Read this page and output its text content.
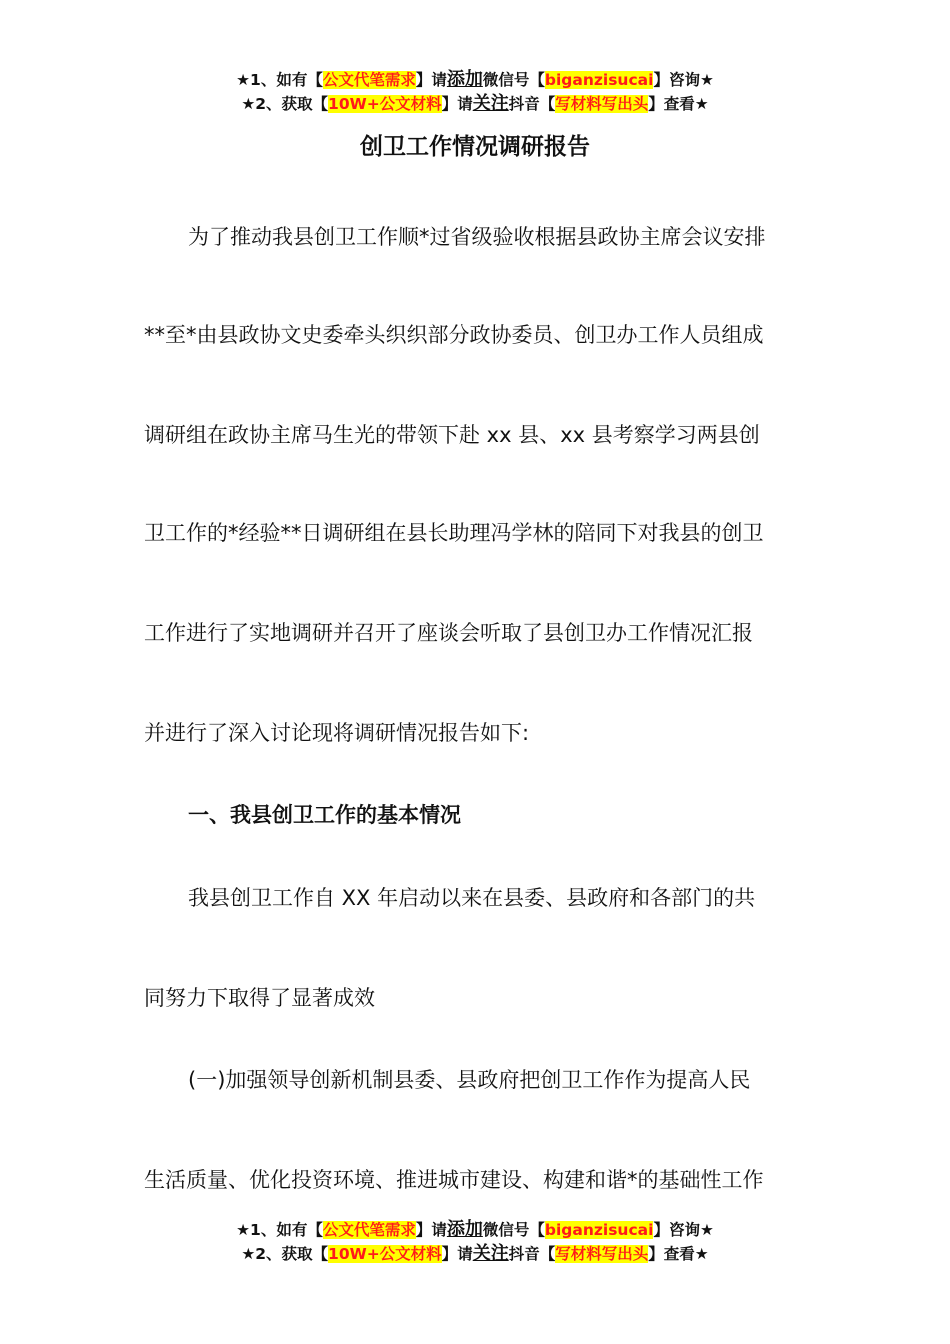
★1、如有【公文代笔需求】请添加微信号【biganzisucai】咨询★
★2、获取【10W+公文材料】请关注抖音【写材料写出头】查看★
创卫工作情况调研报告
为了推动我县创卫工作顺*过省级验收根据县政协主席会议安排
**至*由县政协文史委牵头织织部分政协委员、创卫办工作人员组成
调研组在政协主席马生光的带领下赴 xx 县、xx 县考察学习两县创
卫工作的*经验**日调研组在县长助理冯学林的陪同下对我县的创卫
工作进行了实地调研并召开了座谈会听取了县创卫办工作情况汇报
并进行了深入讨论现将调研情况报告如下:
一、我县创卫工作的基本情况
我县创卫工作自 XX 年启动以来在县委、县政府和各部门的共
同努力下取得了显著成效
(一)加强领导创新机制县委、县政府把创卫工作作为提高人民
生活质量、优化投资环境、推进城市建设、构建和谐*的基础性工作
★1、如有【公文代笔需求】请添加微信号【biganzisucai】咨询★
★2、获取【10W+公文材料】请关注抖音【写材料写出头】查看★
